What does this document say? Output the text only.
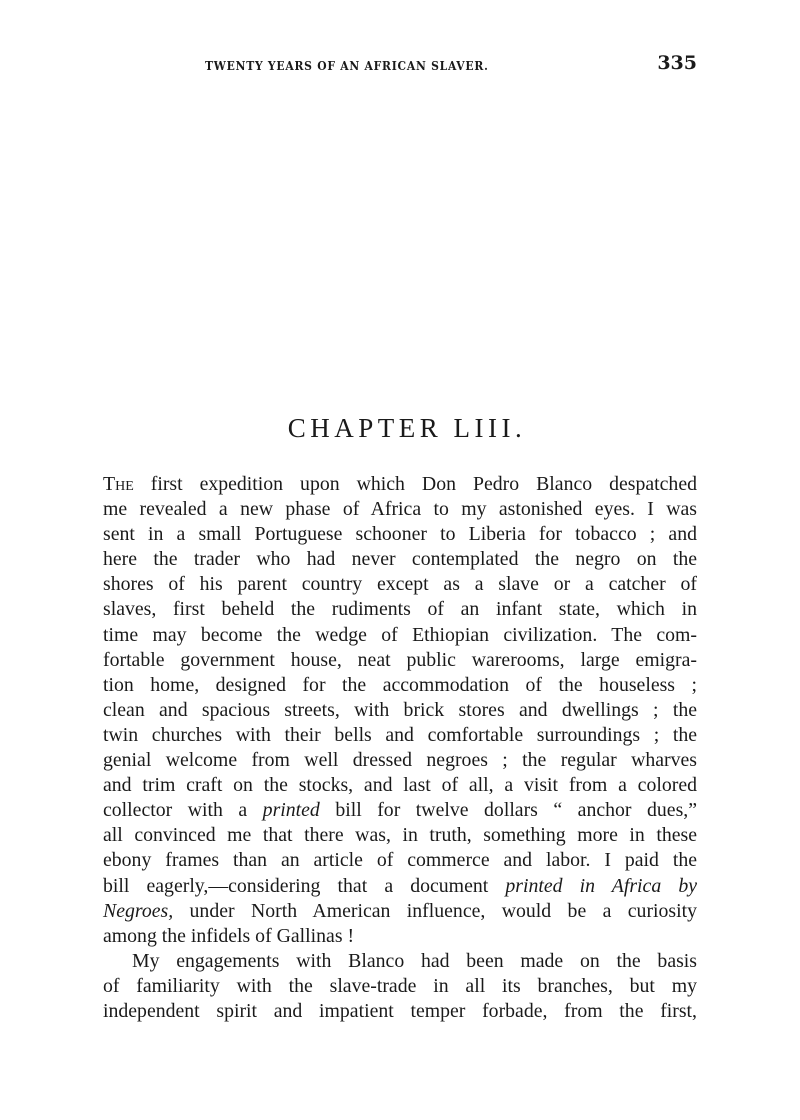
TWENTY YEARS OF AN AFRICAN SLAVER.	335
CHAPTER LIII.
The first expedition upon which Don Pedro Blanco despatched
me revealed a new phase of Africa to my astonished eyes. I was
sent in a small Portuguese schooner to Liberia for tobacco ; and
here the trader who had never contemplated the negro on the
shores of his parent country except as a slave or a catcher of
slaves, first beheld the rudiments of an infant state, which in
time may become the wedge of Ethiopian civilization. The com-
fortable government house, neat public warerooms, large emigra-
tion home, designed for the accommodation of the houseless ;
clean and spacious streets, with brick stores and dwellings ; the
twin churches with their bells and comfortable surroundings ; the
genial welcome from well dressed negroes ; the regular wharves
and trim craft on the stocks, and last of all, a visit from a colored
collector with a printed bill for twelve dollars “ anchor dues,”
all convinced me that there was, in truth, something more in these
ebony frames than an article of commerce and labor. I paid the
bill eagerly,—considering that a document printed in Africa by
Negroes, under North American influence, would be a curiosity
among the infidels of Gallinas !
My engagements with Blanco had been made on the basis
of familiarity with the slave-trade in all its branches, but my
independent spirit and impatient temper forbade, from the first,
